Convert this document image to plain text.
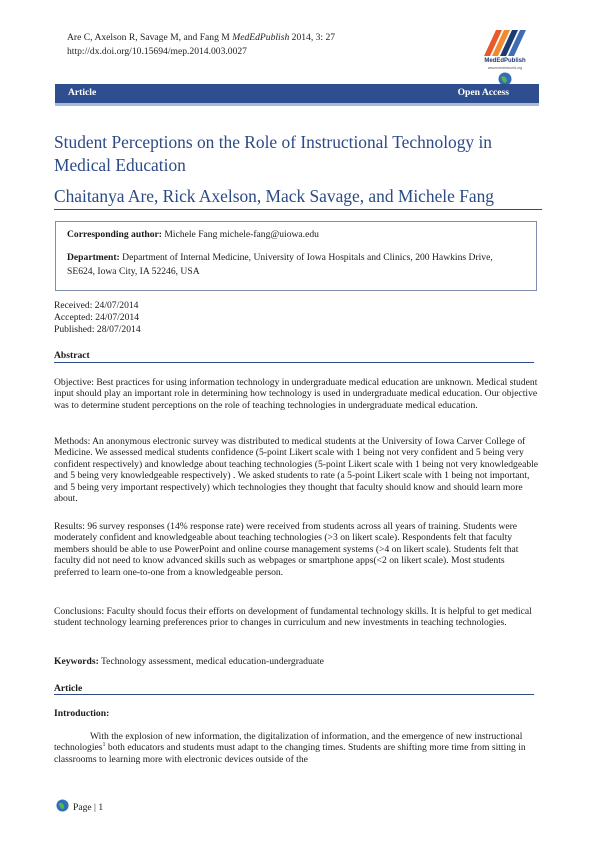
Are C, Axelson R, Savage M, and Fang M MedEdPublish 2014, 3: 27
http://dx.doi.org/10.15694/mep.2014.003.0027
MedEdPublish
www.mededworld.org
Article	Open Access
Student Perceptions on the Role of Instructional Technology in Medical Education
Chaitanya Are, Rick Axelson, Mack Savage, and Michele Fang
Corresponding author: Michele Fang michele-fang@uiowa.edu
Department: Department of Internal Medicine, University of Iowa Hospitals and Clinics, 200 Hawkins Drive, SE624, Iowa City, IA 52246, USA
Received: 24/07/2014
Accepted: 24/07/2014
Published: 28/07/2014
Abstract
Objective: Best practices for using information technology in undergraduate medical education are unknown. Medical student input should play an important role in determining how technology is used in undergraduate medical education. Our objective was to determine student perceptions on the role of teaching technologies in undergraduate medical education.
Methods: An anonymous electronic survey was distributed to medical students at the University of Iowa Carver College of Medicine. We assessed medical students confidence (5-point Likert scale with 1 being not very confident and 5 being very confident respectively) and knowledge about teaching technologies (5-point Likert scale with 1 being not very knowledgeable and 5 being very knowledgeable respectively) . We asked students to rate (a 5-point Likert scale with 1 being not important, and 5 being very important respectively) which technologies they thought that faculty should know and should learn more about.
Results: 96 survey responses (14% response rate) were received from students across all years of training. Students were moderately confident and knowledgeable about teaching technologies (>3 on likert scale). Respondents felt that faculty members should be able to use PowerPoint and online course management systems (>4 on likert scale). Students felt that faculty did not need to know advanced skills such as webpages or smartphone apps(<2 on likert scale). Most students preferred to learn one-to-one from a knowledgeable person.
Conclusions: Faculty should focus their efforts on development of fundamental technology skills. It is helpful to get medical student technology learning preferences prior to changes in curriculum and new investments in teaching technologies.
Keywords: Technology assessment, medical education-undergraduate
Article
Introduction:
With the explosion of new information, the digitalization of information, and the emergence of new instructional technologies$^1$ both educators and students must adapt to the changing times. Students are shifting more time from sitting in classrooms to learning more with electronic devices outside of the
Page | 1
